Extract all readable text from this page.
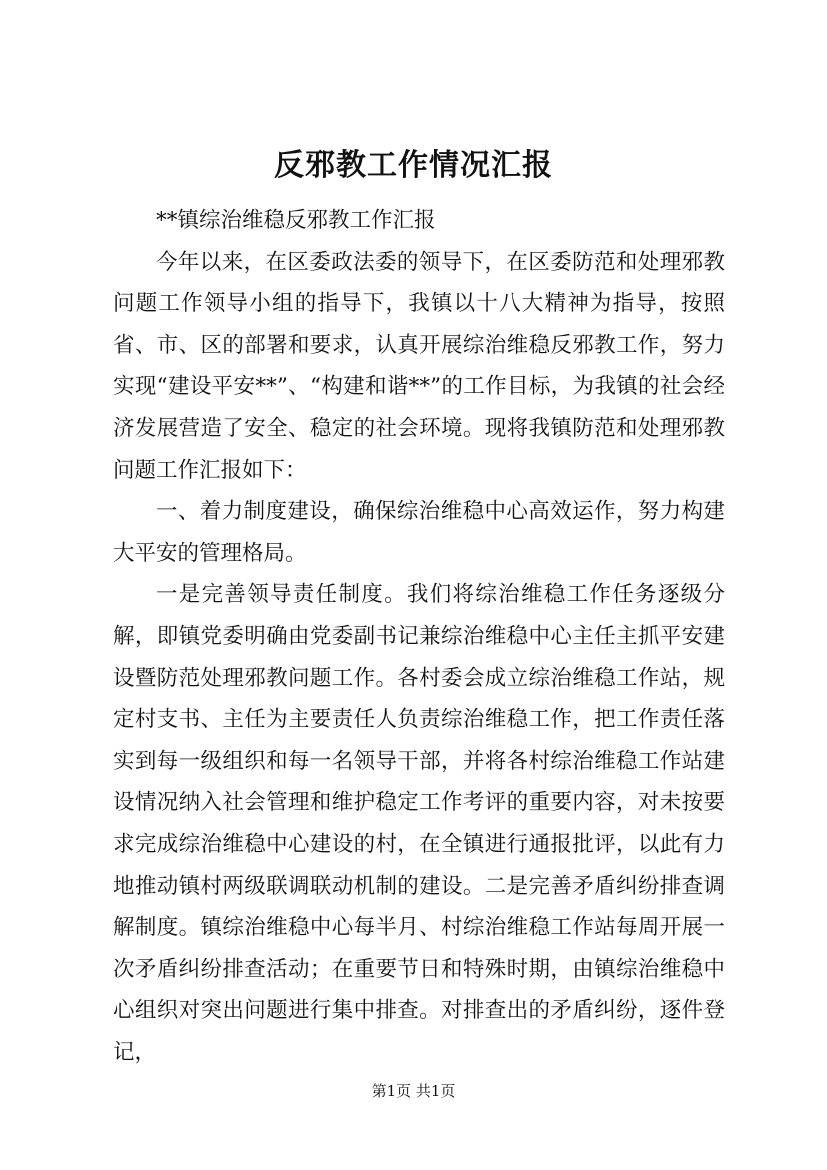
反邪教工作情况汇报

**镇综治维稳反邪教工作汇报

今年以来，在区委政法委的领导下，在区委防范和处理邪教问题工作领导小组的指导下，我镇以十八大精神为指导，按照省、市、区的部署和要求，认真开展综治维稳反邪教工作，努力实现“建设平安**”、“构建和谐**”的工作目标，为我镇的社会经济发展营造了安全、稳定的社会环境。现将我镇防范和处理邪教问题工作汇报如下：

一、着力制度建设，确保综治维稳中心高效运作，努力构建大平安的管理格局。

一是完善领导责任制度。我们将综治维稳工作任务逐级分解，即镇党委明确由党委副书记兼综治维稳中心主任主抓平安建设暨防范处理邪教问题工作。各村委会成立综治维稳工作站，规定村支书、主任为主要责任人负责综治维稳工作，把工作责任落实到每一级组织和每一名领导干部，并将各村综治维稳工作站建设情况纳入社会管理和维护稳定工作考评的重要内容，对未按要求完成综治维稳中心建设的村，在全镇进行通报批评，以此有力地推动镇村两级联调联动机制的建设。二是完善矛盾纠纷排查调解制度。镇综治维稳中心每半月、村综治维稳工作站每周开展一次矛盾纠纷排查活动；在重要节日和特殊时期，由镇综治维稳中心组织对突出问题进行集中排查。对排查出的矛盾纠纷，逐件登记，

第1页 共1页
